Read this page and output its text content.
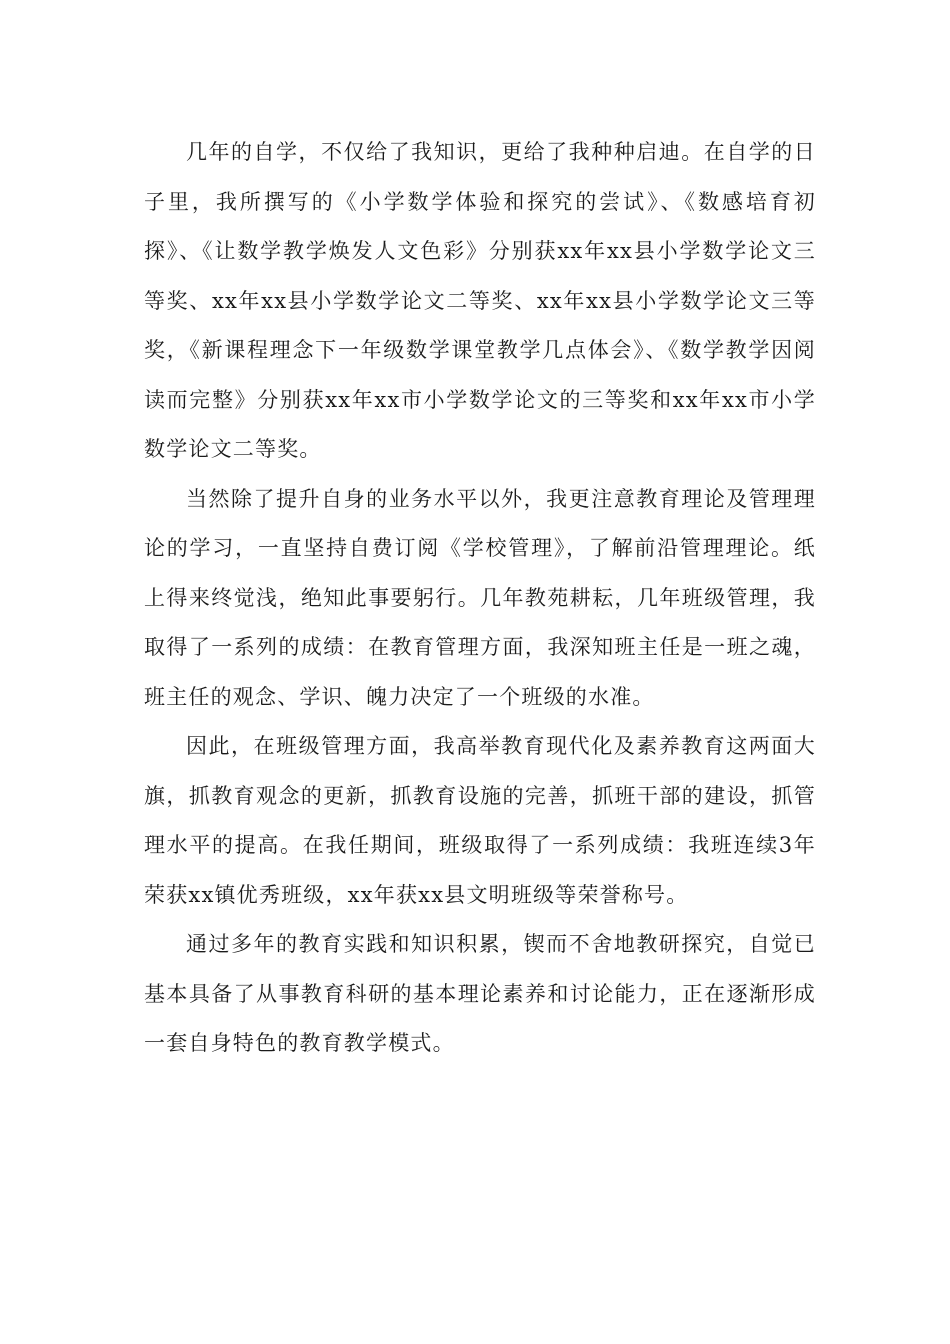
几年的自学，不仅给了我知识，更给了我种种启迪。在自学的日子里，我所撰写的《小学数学体验和探究的尝试》、《数感培育初探》、《让数学教学焕发人文色彩》分别获xx年xx县小学数学论文三等奖、xx年xx县小学数学论文二等奖、xx年xx县小学数学论文三等奖，《新课程理念下一年级数学课堂教学几点体会》、《数学教学因阅读而完整》分别获xx年xx市小学数学论文的三等奖和xx年xx市小学数学论文二等奖。

当然除了提升自身的业务水平以外，我更注意教育理论及管理理论的学习，一直坚持自费订阅《学校管理》，了解前沿管理理论。纸上得来终觉浅，绝知此事要躬行。几年教苑耕耘，几年班级管理，我取得了一系列的成绩：在教育管理方面，我深知班主任是一班之魂，班主任的观念、学识、魄力决定了一个班级的水准。

因此，在班级管理方面，我高举教育现代化及素养教育这两面大旗，抓教育观念的更新，抓教育设施的完善，抓班干部的建设，抓管理水平的提高。在我任期间，班级取得了一系列成绩：我班连续3年荣获xx镇优秀班级，xx年获xx县文明班级等荣誉称号。

通过多年的教育实践和知识积累，锲而不舍地教研探究，自觉已基本具备了从事教育科研的基本理论素养和讨论能力，正在逐渐形成一套自身特色的教育教学模式。
